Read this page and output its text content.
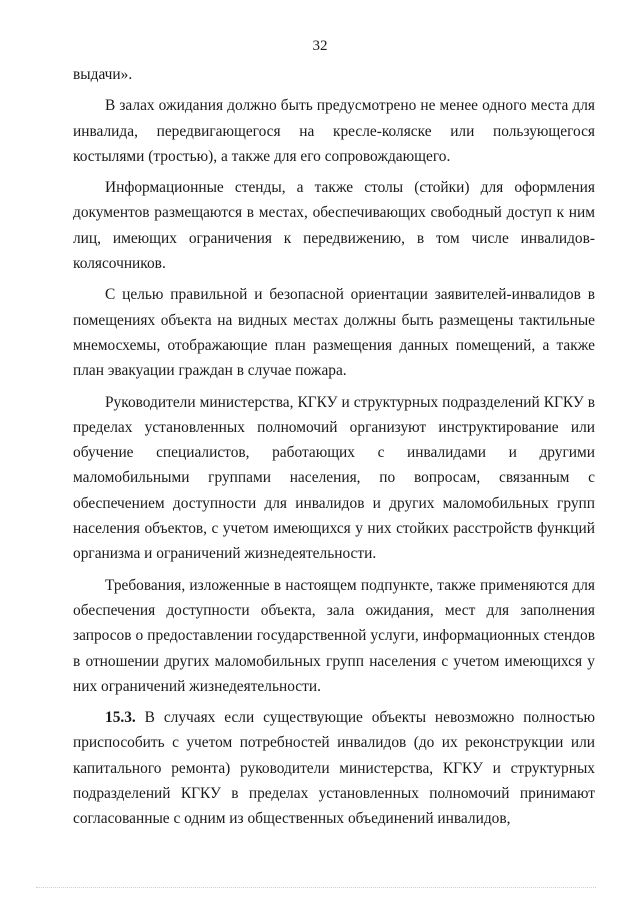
32

выдачи».

В залах ожидания должно быть предусмотрено не менее одного места для инвалида, передвигающегося на кресле-коляске или пользующегося костылями (тростью), а также для его сопровождающего.

Информационные стенды, а также столы (стойки) для оформления документов размещаются в местах, обеспечивающих свободный доступ к ним лиц, имеющих ограничения к передвижению, в том числе инвалидов-колясочников.

С целью правильной и безопасной ориентации заявителей-инвалидов в помещениях объекта на видных местах должны быть размещены тактильные мнемосхемы, отображающие план размещения данных помещений, а также план эвакуации граждан в случае пожара.

Руководители министерства, КГКУ и структурных подразделений КГКУ в пределах установленных полномочий организуют инструктирование или обучение специалистов, работающих с инвалидами и другими маломобильными группами населения, по вопросам, связанным с обеспечением доступности для инвалидов и других маломобильных групп населения объектов, с учетом имеющихся у них стойких расстройств функций организма и ограничений жизнедеятельности.

Требования, изложенные в настоящем подпункте, также применяются для обеспечения доступности объекта, зала ожидания, мест для заполнения запросов о предоставлении государственной услуги, информационных стендов в отношении других маломобильных групп населения с учетом имеющихся у них ограничений жизнедеятельности.

15.3. В случаях если существующие объекты невозможно полностью приспособить с учетом потребностей инвалидов (до их реконструкции или капитального ремонта) руководители министерства, КГКУ и структурных подразделений КГКУ в пределах установленных полномочий принимают согласованные с одним из общественных объединений инвалидов,
